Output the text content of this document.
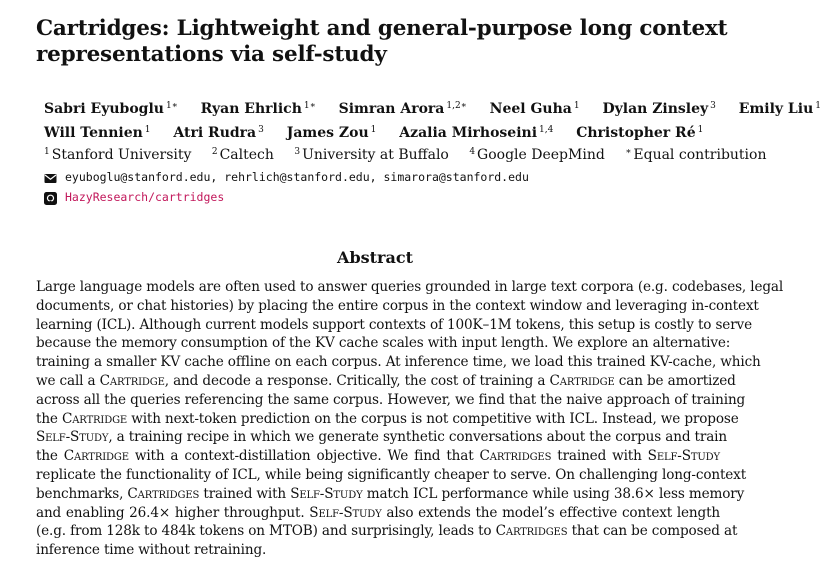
Cartridges: Lightweight and general-purpose long context
representations via self-study
Sabri Eyuboglu $^{1∗}$ Ryan Ehrlich $^{1∗}$ Simran Arora $^{1,2∗}$ Neel Guha $^1$ Dylan Zinsley $^3$ Emily Liu $^1$
Will Tennien $^1$ Atri Rudra $^3$ James Zou $^1$ Azalia Mirhoseini $^{1,4}$ Christopher Ré $^1$
$^1$ Stanford University $^2$ Caltech $^3$ University at Buffalo $^4$ Google DeepMind ∗ Equal contribution
eyuboglu@stanford.edu, rehrlich@stanford.edu, simarora@stanford.edu
HazyResearch/cartridges
Abstract
Large language models are often used to answer queries grounded in large text corpora (e.g. codebases, legal
documents, or chat histories) by placing the entire corpus in the context window and leveraging in-context
learning (ICL). Although current models support contexts of 100K–1M tokens, this setup is costly to serve
because the memory consumption of the KV cache scales with input length. We explore an alternative:
training a smaller KV cache offline on each corpus. At inference time, we load this trained KV-cache, which
we call a Cartridge, and decode a response. Critically, the cost of training a Cartridge can be amortized
across all the queries referencing the same corpus. However, we find that the naive approach of training
the Cartridge with next-token prediction on the corpus is not competitive with ICL. Instead, we propose
Self-Study, a training recipe in which we generate synthetic conversations about the corpus and train
the Cartridge with a context-distillation objective. We find that Cartridges trained with Self-Study
replicate the functionality of ICL, while being significantly cheaper to serve. On challenging long-context
benchmarks, Cartridges trained with Self-Study match ICL performance while using 38.6× less memory
and enabling 26.4× higher throughput. Self-Study also extends the model’s effective context length
(e.g. from 128k to 484k tokens on MTOB) and surprisingly, leads to Cartridges that can be composed at
inference time without retraining.
